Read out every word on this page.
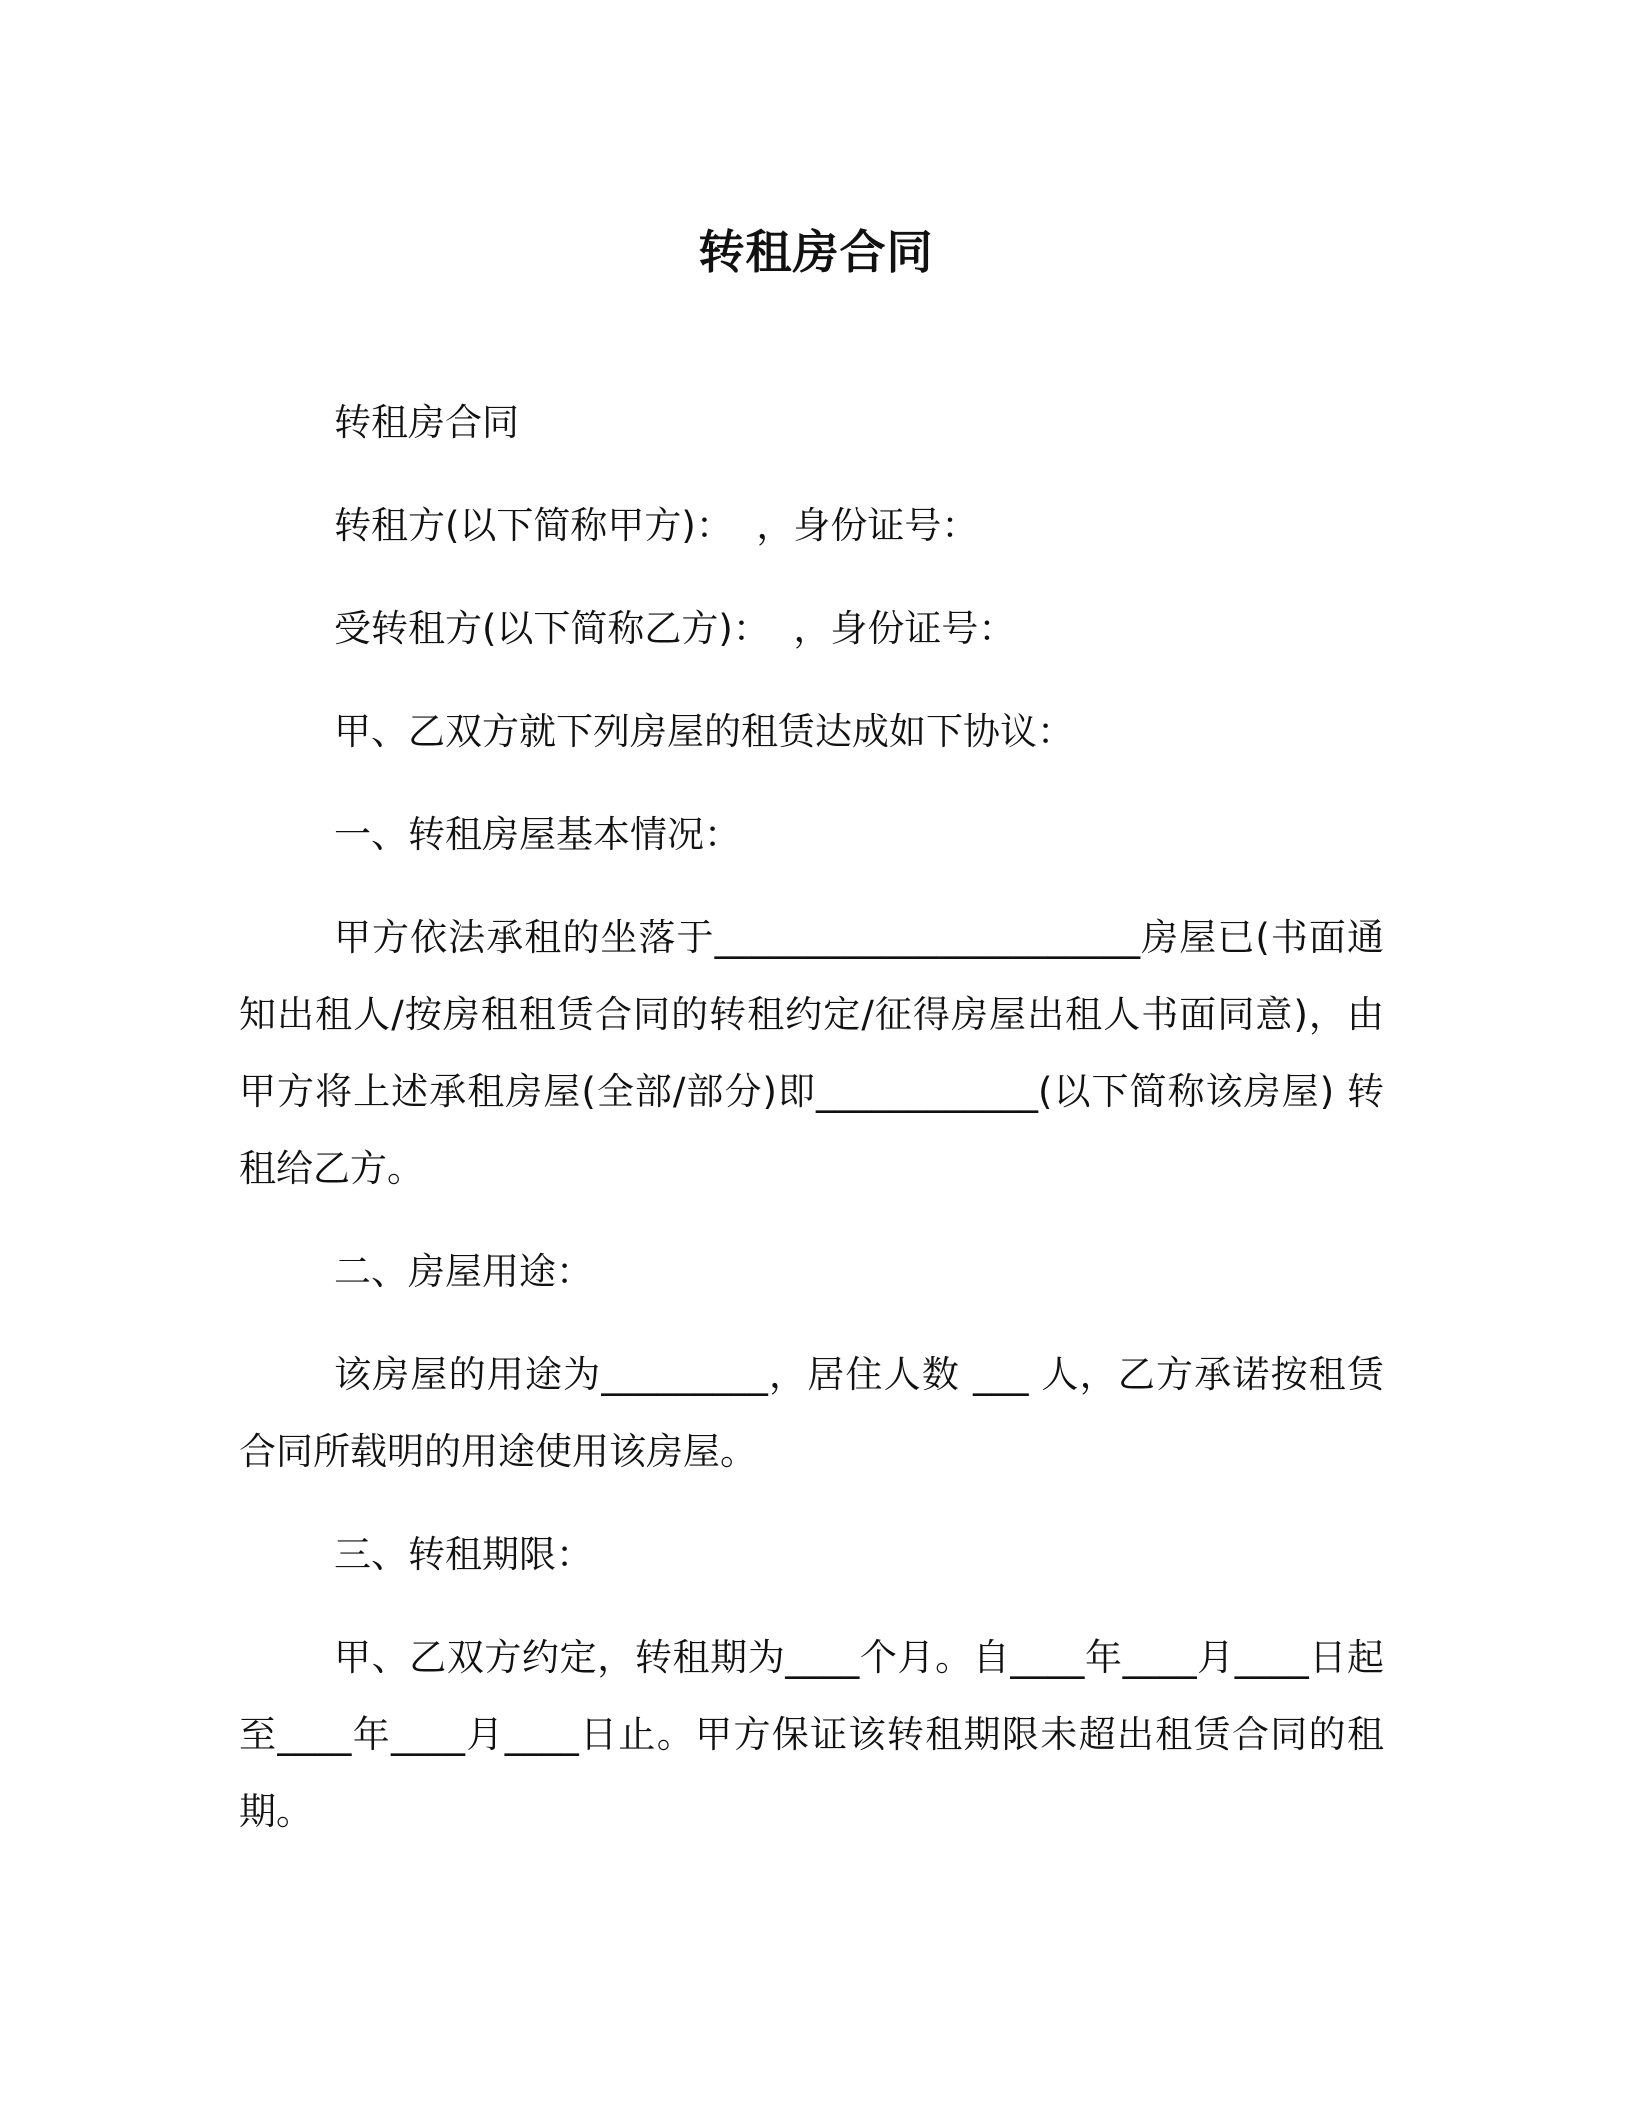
转租房合同

转租房合同

转租方(以下简称甲方)：  ，身份证号：

受转租方(以下简称乙方)：  ，身份证号：

甲、乙双方就下列房屋的租赁达成如下协议：

一、转租房屋基本情况：

甲方依法承租的坐落于_______________________房屋已(书面通知出租人/按房租租赁合同的转租约定/征得房屋出租人书面同意)，由甲方将上述承租房屋(全部/部分)即____________(以下简称该房屋) 转租给乙方。

二、房屋用途：

该房屋的用途为_________，居住人数 ___ 人，乙方承诺按租赁合同所载明的用途使用该房屋。

三、转租期限：

甲、乙双方约定，转租期为____个月。自____年____月____日起至____年____月____日止。甲方保证该转租期限未超出租赁合同的租期。
